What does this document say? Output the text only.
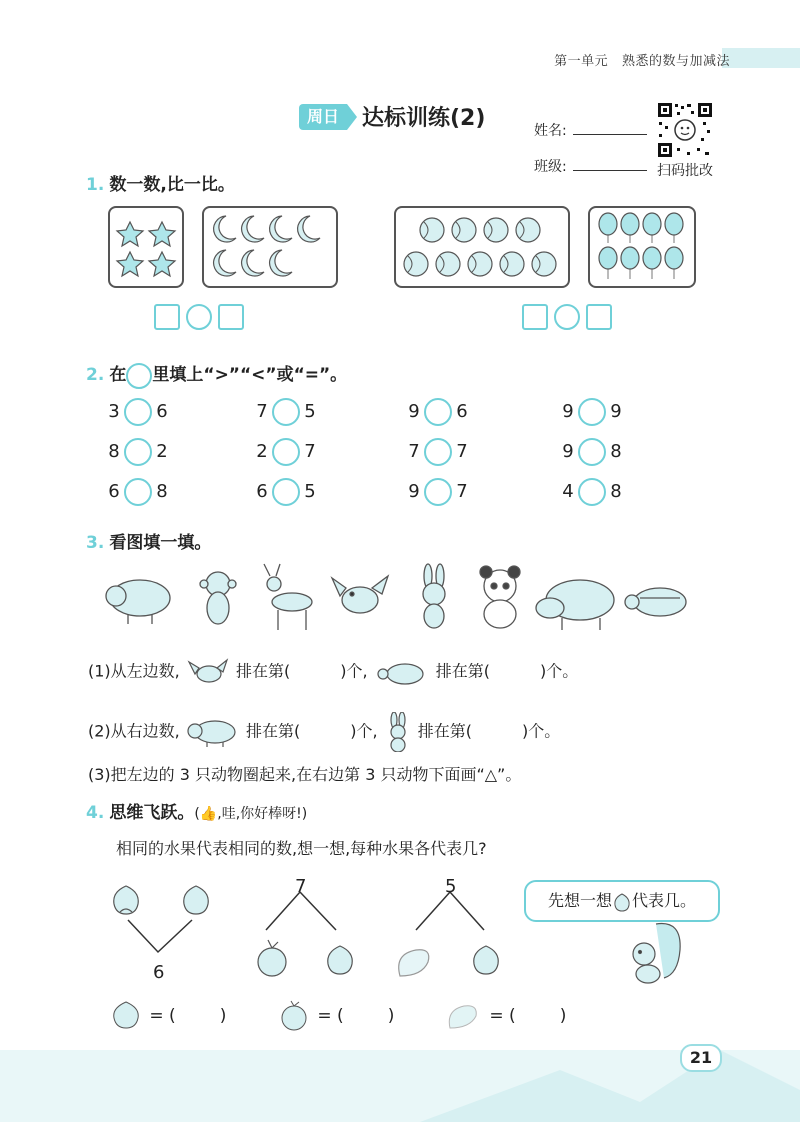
第一单元 熟悉的数与加减法
周日	达标训练(2)	姓名:
班级:	扫码批改
1. 数一数,比一比。
2. 在 里填上“>”“<”或“=”。
3 6	7 5	9 6	9 9
8 2	2 7	7 7	9 8
6 8	6 5	9 7	4 8
3. 看图填一填。
(1)从左边数,	排在第(	)个,	排在第(	)个。
(2)从右边数,	排在第(	)个,	排在第(	)个。
(3)把左边的 3 只动物圈起来,在右边第 3 只动物下面画“△”。
4. 思维飞跃。(👍,哇,你好棒呀!)
相同的水果代表相同的数,想一想,每种水果各代表几?
6
7	5
先想一想 代表几。
= (	)	= (	)	= (	)
21
